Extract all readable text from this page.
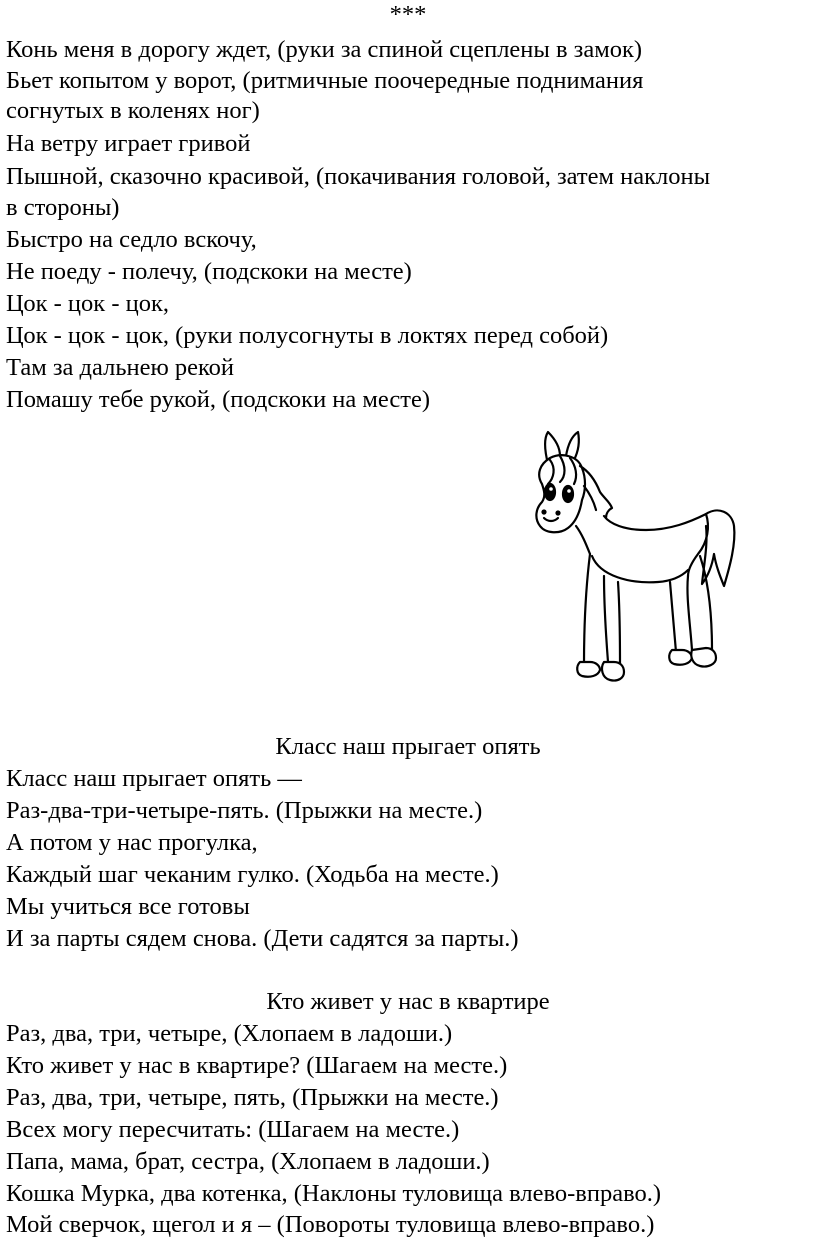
***
Конь меня в дорогу ждет, (руки за спиной сцеплены в замок)
Бьет копытом у ворот, (ритмичные поочередные поднимания
согнутых в коленях ног)
На ветру играет гривой
Пышной, сказочно красивой, (покачивания головой, затем наклоны
в стороны)
Быстро на седло вскочу,
Не поеду - полечу, (подскоки на месте)
Цок - цок - цок,
Цок - цок - цок, (руки полусогнуты в локтях перед собой)
Там за дальнею рекой
Помашу тебе рукой, (подскоки на месте)
Класс наш прыгает опять
Класс наш прыгает опять —
Раз-два-три-четыре-пять. (Прыжки на месте.)
А потом у нас прогулка,
Каждый шаг чеканим гулко. (Ходьба на месте.)
Мы учиться все готовы
И за парты сядем снова. (Дети садятся за парты.)
Кто живет у нас в квартире
Раз, два, три, четыре, (Хлопаем в ладоши.)
Кто живет у нас в квартире? (Шагаем на месте.)
Раз, два, три, четыре, пять, (Прыжки на месте.)
Всех могу пересчитать: (Шагаем на месте.)
Папа, мама, брат, сестра, (Хлопаем в ладоши.)
Кошка Мурка, два котенка, (Наклоны туловища влево-вправо.)
Мой сверчок, щегол и я – (Повороты туловища влево-вправо.)
